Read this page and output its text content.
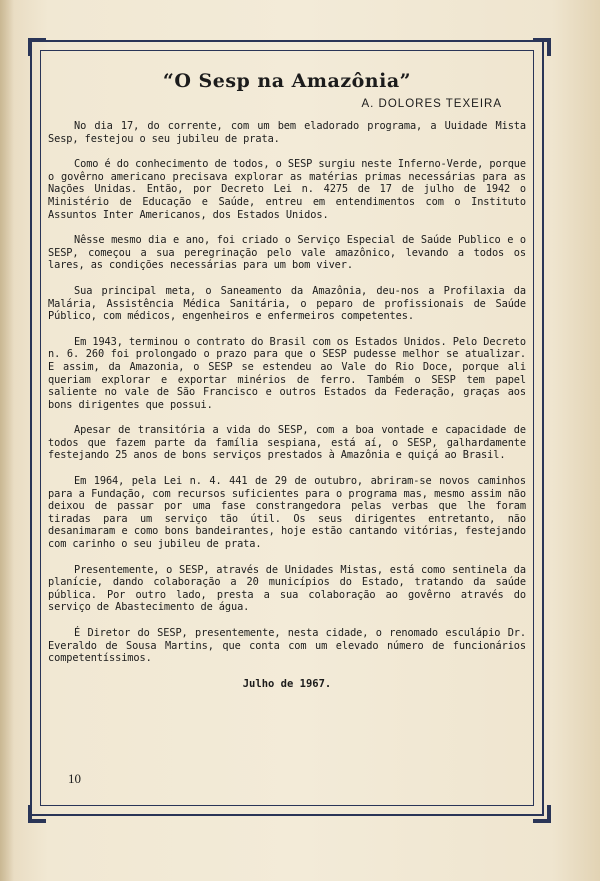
“O Sesp na Amazônia”
A. DOLORES TEXEIRA

No dia 17, do corrente, com um bem eladorado programa, a Uuidade Mista Sesp, festejou o seu jubileu de prata.

Como é do conhecimento de todos, o SESP surgiu neste Inferno-Verde, porque o govêrno americano precisava explorar as matérias primas necessárias para as Nações Unidas. Então, por Decreto Lei n. 4275 de 17 de julho de 1942 o Ministério de Educação e Saúde, entreu em entendimentos com o Instituto Assuntos Inter Americanos, dos Estados Unidos.

Nêsse mesmo dia e ano, foi criado o Serviço Especial de Saúde Publico e o SESP, começou a sua peregrinação pelo vale amazônico, levando a todos os lares, as condições necessárias para um bom viver.

Sua principal meta, o Saneamento da Amazônia, deu-nos a Profilaxia da Malária, Assistência Médica Sanitária, o peparo de profissionais de Saúde Público, com médicos, engenheiros e enfermeiros competentes.

Em 1943, terminou o contrato do Brasil com os Estados Unidos. Pelo Decreto n. 6. 260 foi prolongado o prazo para que o SESP pudesse melhor se atualizar. E assim, da Amazonia, o SESP se estendeu ao Vale do Rio Doce, porque ali queriam explorar e exportar minérios de ferro. Também o SESP tem papel saliente no vale de São Francisco e outros Estados da Federação, graças aos bons dirigentes que possui.

Apesar de transitória a vida do SESP, com a boa vontade e capacidade de todos que fazem parte da família sespiana, está aí, o SESP, galhardamente festejando 25 anos de bons serviços prestados à Amazônia e quiçá ao Brasil.

Em 1964, pela Lei n. 4. 441 de 29 de outubro, abriram-se novos caminhos para a Fundação, com recursos suficientes para o programa mas, mesmo assim não deixou de passar por uma fase constrangedora pelas verbas que lhe foram tiradas para um serviço tão útil. Os seus dirigentes entretanto, não desanimaram e como bons bandeirantes, hoje estão cantando vitórias, festejando com carinho o seu jubileu de prata.

Presentemente, o SESP, através de Unidades Mistas, está como sentinela da planície, dando colaboração a 20 municípios do Estado, tratando da saúde pública. Por outro lado, presta a sua colaboração ao govêrno através do serviço de Abastecimento de água.

É Diretor do SESP, presentemente, nesta cidade, o renomado esculápio Dr. Everaldo de Sousa Martins, que conta com um elevado número de funcionários competentíssimos.

Julho de 1967.
10
